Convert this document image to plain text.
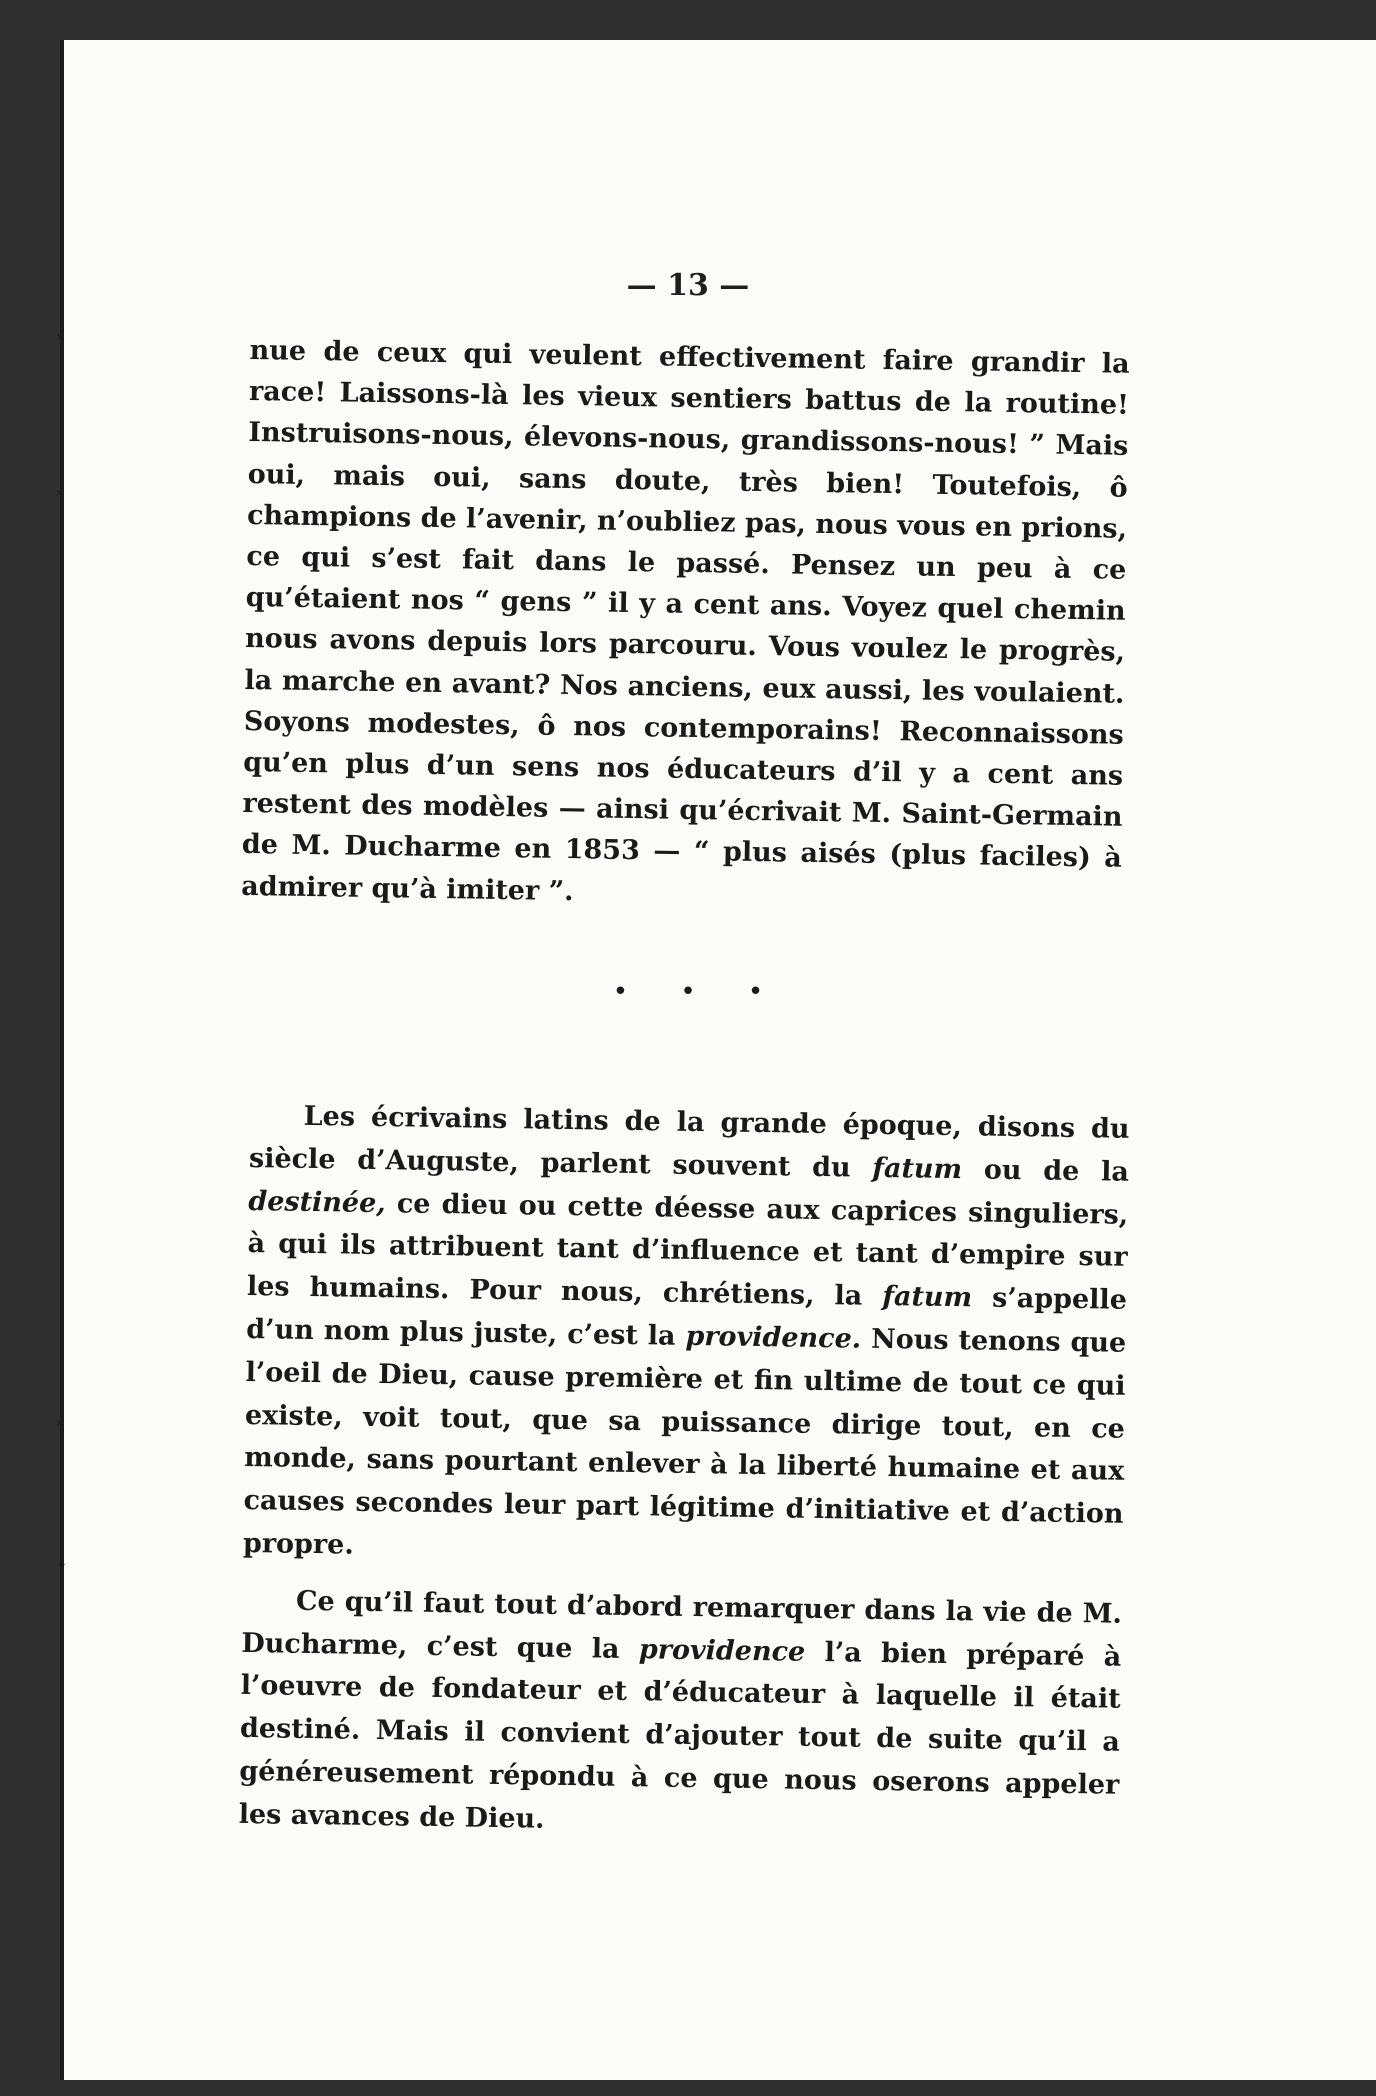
›
›
›
⌄
— 13 —

nue de ceux qui veulent effectivement faire grandir la race! Laissons-là les vieux sentiers battus de la routine! Instruisons-nous, élevons-nous, grandissons-nous! ” Mais oui, mais oui, sans doute, très bien! Toutefois, ô champions de l’avenir, n’oubliez pas, nous vous en prions, ce qui s’est fait dans le passé. Pensez un peu à ce qu’étaient nos “ gens ” il y a cent ans. Voyez quel chemin nous avons depuis lors parcouru. Vous voulez le progrès, la marche en avant? Nos anciens, eux aussi, les voulaient. Soyons modestes, ô nos contemporains! Reconnaissons qu’en plus d’un sens nos éducateurs d’il y a cent ans restent des modèles — ainsi qu’écrivait M. Saint-Germain de M. Ducharme en 1853 — “ plus aisés (plus faciles) à admirer qu’à imiter ”.

• • •

Les écrivains latins de la grande époque, disons du siècle d’Auguste, parlent souvent du fatum ou de la destinée, ce dieu ou cette déesse aux caprices singuliers, à qui ils attribuent tant d’influence et tant d’empire sur les humains. Pour nous, chrétiens, la fatum s’appelle d’un nom plus juste, c’est la providence. Nous tenons que l’oeil de Dieu, cause première et fin ultime de tout ce qui existe, voit tout, que sa puissance dirige tout, en ce monde, sans pourtant enlever à la liberté humaine et aux causes secondes leur part légitime d’initiative et d’action propre.

Ce qu’il faut tout d’abord remarquer dans la vie de M. Ducharme, c’est que la providence l’a bien préparé à l’oeuvre de fondateur et d’éducateur à laquelle il était destiné. Mais il convient d’ajouter tout de suite qu’il a généreusement répondu à ce que nous oserons appeler les avances de Dieu.
